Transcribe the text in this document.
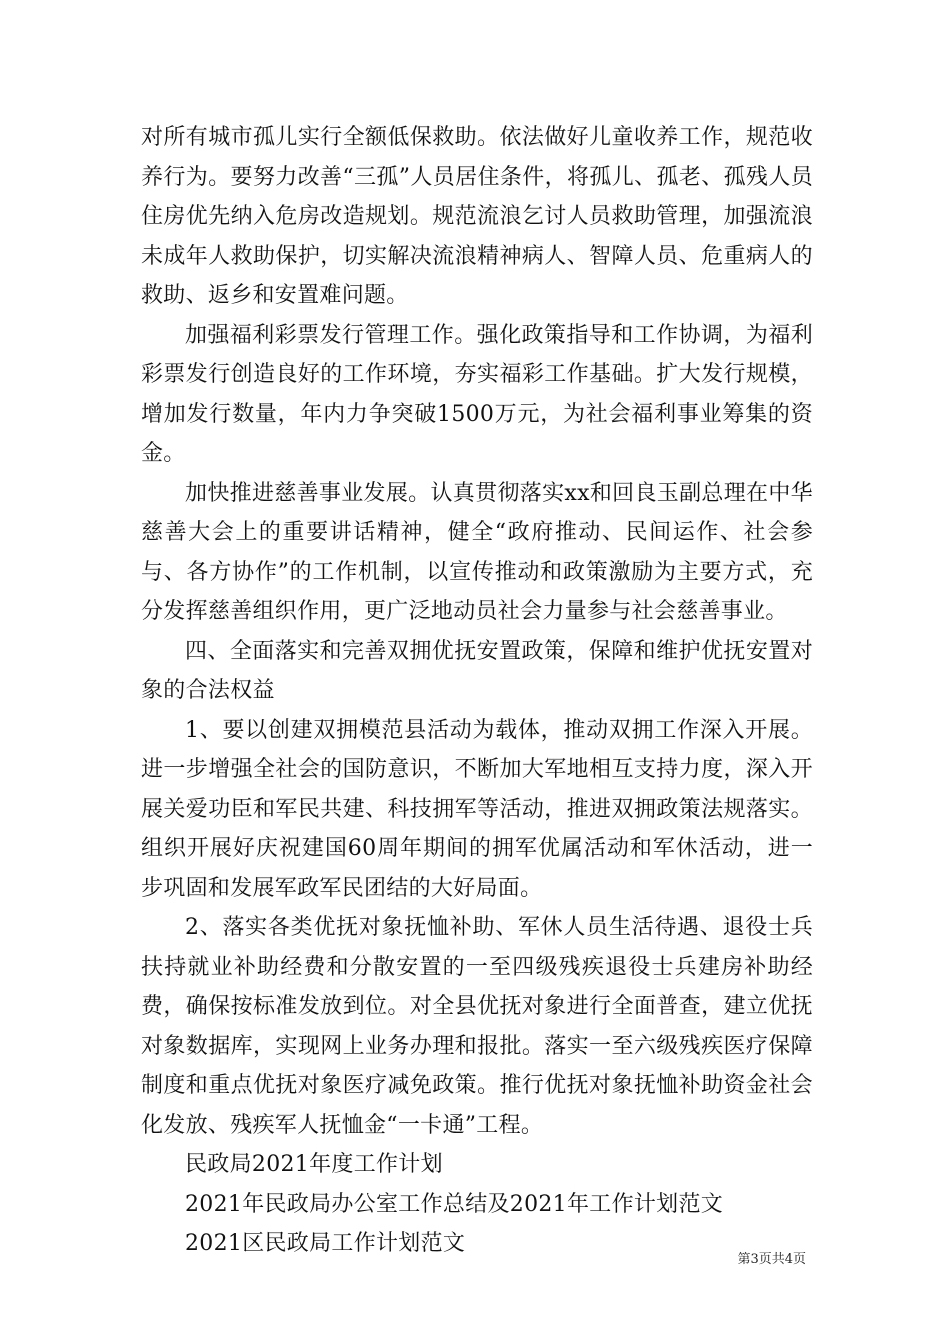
对所有城市孤儿实行全额低保救助。依法做好儿童收养工作，规范收养行为。要努力改善“三孤”人员居住条件，将孤儿、孤老、孤残人员住房优先纳入危房改造规划。规范流浪乞讨人员救助管理，加强流浪未成年人救助保护，切实解决流浪精神病人、智障人员、危重病人的救助、返乡和安置难问题。

加强福利彩票发行管理工作。强化政策指导和工作协调，为福利彩票发行创造良好的工作环境，夯实福彩工作基础。扩大发行规模，增加发行数量，年内力争突破1500万元，为社会福利事业筹集的资金。

加快推进慈善事业发展。认真贯彻落实xx和回良玉副总理在中华慈善大会上的重要讲话精神，健全“政府推动、民间运作、社会参与、各方协作”的工作机制，以宣传推动和政策激励为主要方式，充分发挥慈善组织作用，更广泛地动员社会力量参与社会慈善事业。

四、全面落实和完善双拥优抚安置政策，保障和维护优抚安置对象的合法权益

1、要以创建双拥模范县活动为载体，推动双拥工作深入开展。进一步增强全社会的国防意识，不断加大军地相互支持力度，深入开展关爱功臣和军民共建、科技拥军等活动，推进双拥政策法规落实。组织开展好庆祝建国60周年期间的拥军优属活动和军休活动，进一步巩固和发展军政军民团结的大好局面。

2、落实各类优抚对象抚恤补助、军休人员生活待遇、退役士兵扶持就业补助经费和分散安置的一至四级残疾退役士兵建房补助经费，确保按标准发放到位。对全县优抚对象进行全面普查，建立优抚对象数据库，实现网上业务办理和报批。落实一至六级残疾医疗保障制度和重点优抚对象医疗减免政策。推行优抚对象抚恤补助资金社会化发放、残疾军人抚恤金“一卡通”工程。

民政局2021年度工作计划

2021年民政局办公室工作总结及2021年工作计划范文

2021区民政局工作计划范文

第3页共4页
